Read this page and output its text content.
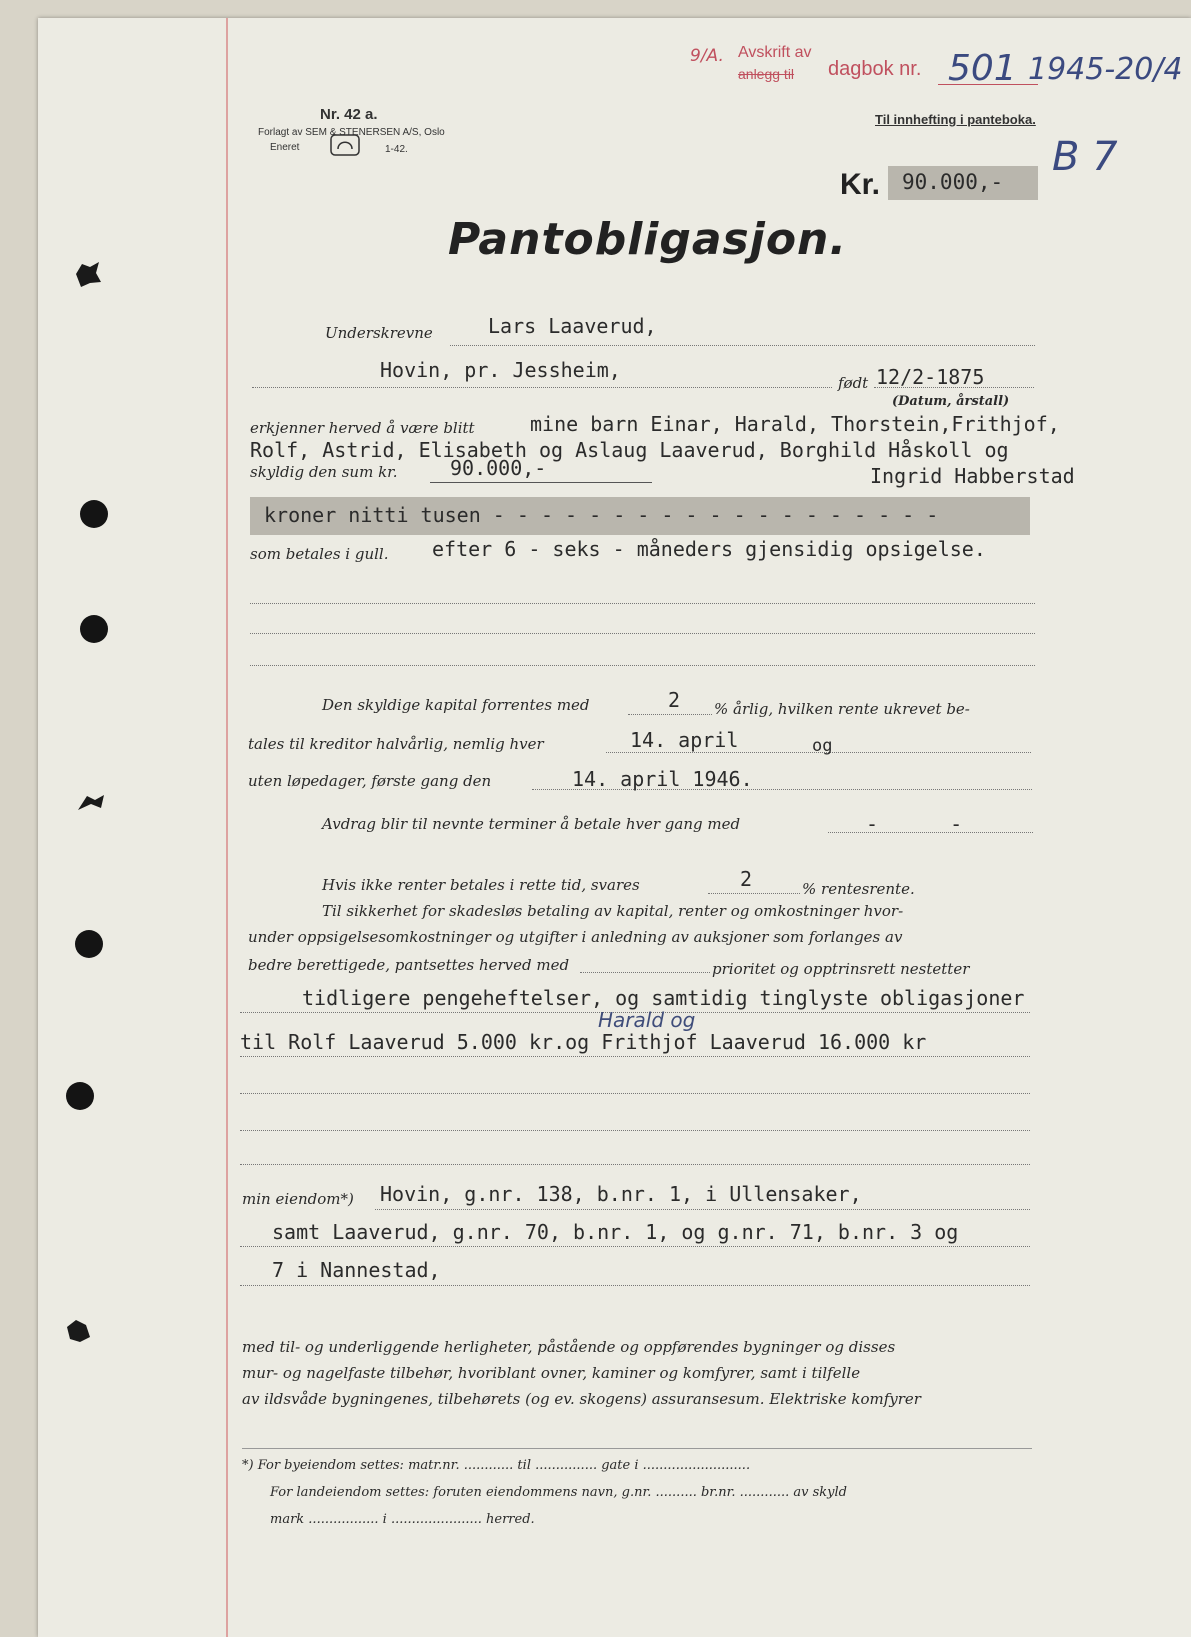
9/A. Avskrift av
anlegg til dagbok nr. 501 1945-20/4
Til innhefting i panteboka.
B 7
Nr. 42 a.
Forlagt av SEM & STENERSEN A/S, Oslo
Eneret	1-42.
Kr. 90.000,-
Pantobligasjon.
Underskrevne	Lars Laaverud,
Hovin, pr. Jessheim,
født 12/2-1875
(Datum, årstall)
erkjenner herved å være blitt	mine barn Einar, Harald, Thorstein,Frithjof,
Rolf, Astrid, Elisabeth og Aslaug Laaverud, Borghild Håskoll og
skyldig den sum kr.	90.000,-	Ingrid Habberstad
kroner nitti tusen - - - - - - - - - - - - - - - - - - -
som betales i gull. efter 6 - seks - måneders gjensidig opsigelse.
Den skyldige kapital forrentes med	2 % årlig, hvilken rente ukrevet be-
tales til kreditor halvårlig, nemlig hver	14. april	og
uten løpedager, første gang den	14. april 1946.
Avdrag blir til nevnte terminer å betale hver gang med	- -
Hvis ikke renter betales i rette tid, svares	2	% rentesrente.
Til sikkerhet for skadesløs betaling av kapital, renter og omkostninger hvor-
under oppsigelsesomkostninger og utgifter i anledning av auksjoner som forlanges av
bedre berettigede, pantsettes herved med	prioritet og opptrinsrett nestetter
tidligere pengeheftelser, og samtidig tinglyste obligasjoner
Harald og
til Rolf Laaverud 5.000 kr.og Frithjof Laaverud 16.000 kr
min eiendom*) Hovin, g.nr. 138, b.nr. 1, i Ullensaker,
samt Laaverud, g.nr. 70, b.nr. 1, og g.nr. 71, b.nr. 3 og
7 i Nannestad,
med til- og underliggende herligheter, påstående og oppførendes bygninger og disses
mur- og nagelfaste tilbehør, hvoriblant ovner, kaminer og komfyrer, samt i tilfelle
av ildsvåde bygningenes, tilbehørets (og ev. skogens) assuransesum. Elektriske komfyrer
*) For byeiendom settes: matr.nr. ............ til ............... gate i ..........................
For landeiendom settes: foruten eiendommens navn, g.nr. .......... br.nr. ............ av skyld
mark ................. i ...................... herred.
